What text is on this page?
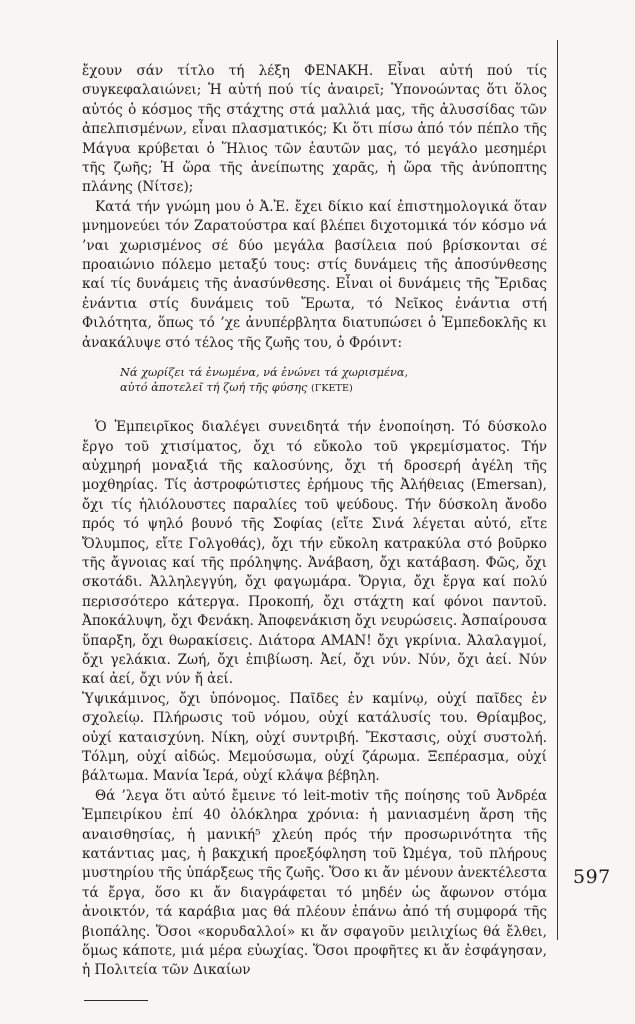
ἔχουν σάν τίτλο τή λέξη ΦΕΝΑΚΗ. Εἶναι αὐτή πού τίς συγκεφαλαιώνει; Ἡ αὐτή πού τίς ἀναιρεῖ; Ὑπονοώντας ὅτι ὅλος αὐτός ὁ κόσμος τῆς στάχτης στά μαλλιά μας, τῆς ἀλυσσίδας τῶν ἀπελπισμένων, εἶναι πλασματικός; Κι ὅτι πίσω ἀπό τόν πέπλο τῆς Μάγυα κρύβεται ὁ Ἥλιος τῶν ἑαυτῶν μας, τό μεγάλο μεσημέρι τῆς ζωῆς; Ἡ ὥρα τῆς ἀνείπωτης χαρᾶς, ἡ ὥρα τῆς ἀνύποπτης πλάνης (Νίτσε);

Κατά τήν γνώμη μου ὁ Ἀ.Ἐ. ἔχει δίκιο καί ἐπιστημολογικά ὅταν μνημονεύει τόν Ζαρατούστρα καί βλέπει διχοτομικά τόν κόσμο νά ’ναι χωρισμένος σέ δύο μεγάλα βασίλεια πού βρίσκονται σέ προαιώνιο πόλεμο μεταξύ τους: στίς δυνάμεις τῆς ἀποσύνθεσης καί τίς δυνάμεις τῆς ἀνασύνθεσης. Εἶναι οἱ δυνάμεις τῆς Ἔριδας ἐνάντια στίς δυνάμεις τοῦ Ἔρωτα, τό Νεῖκος ἐνάντια στή Φιλότητα, ὅπως τό ’χε ἀνυπέρβλητα διατυπώσει ὁ Ἐμπεδοκλῆς κι ἀνακάλυψε στό τέλος τῆς ζωῆς του, ὁ Φρόιντ:

Νά χωρίζει τά ἑνωμένα, νά ἑνώνει τά χωρισμένα,
αὐτό ἀποτελεῖ τή ζωή τῆς φύσης (ΓΚΕΤΕ)

Ὁ Ἐμπειρῖκος διαλέγει συνειδητά τήν ἑνοποίηση. Τό δύσκολο ἔργο τοῦ χτισίματος, ὄχι τό εὔκολο τοῦ γκρεμίσματος. Τήν αὐχμηρή μοναξιά τῆς καλοσύνης, ὄχι τή δροσερή ἀγέλη τῆς μοχθηρίας. Τίς ἀστροφώτιστες ἐρήμους τῆς Ἀλήθειας (Emersan), ὄχι τίς ἡλιόλουστες παραλίες τοῦ ψεύδους. Τήν δύσκολη ἄνοδο πρός τό ψηλό βουνό τῆς Σοφίας (εἴτε Σινά λέγεται αὐτό, εἴτε Ὄλυμπος, εἴτε Γολγοθάς), ὄχι τήν εὔκολη κατρακύλα στό βοῦρκο τῆς ἄγνοιας καί τῆς πρόληψης. Ἀνάβαση, ὄχι κατάβαση. Φῶς, ὄχι σκοτάδι. Ἀλληλεγγύη, ὄχι φαγωμάρα. Ὄργια, ὄχι ἔργα καί πολύ περισσότερο κάτεργα. Προκοπή, ὄχι στάχτη καί φόνοι παντοῦ. Ἀποκάλυψη, ὄχι Φενάκη. Ἀποφενάκιση ὄχι νευρώσεις. Ἀσπαίρουσα ὕπαρξη, ὄχι θωρακίσεις. Διάτορα ΑΜΑΝ! ὄχι γκρίνια. Ἀλαλαγμοί, ὄχι γελάκια. Ζωή, ὄχι ἐπιβίωση. Ἀεί, ὄχι νύν. Νύν, ὄχι ἀεί. Νύν καί ἀεί, ὄχι νύν ἤ ἀεί.

Ὑψικάμινος, ὄχι ὑπόνομος. Παῖδες ἐν καμίνῳ, οὐχί παῖδες ἐν σχολείῳ. Πλήρωσις τοῦ νόμου, οὐχί κατάλυσίς του. Θρίαμβος, οὐχί καταισχύνη. Νίκη, οὐχί συντριβή. Ἔκστασις, οὐχί συστολή. Τόλμη, οὐχί αἰδώς. Μεμούσωμα, οὐχί ζάρωμα. Ξεπέρασμα, οὐχί βάλτωμα. Μανία Ἱερά, οὐχί κλάψα βέβηλη.

Θά ’λεγα ὅτι αὐτό ἔμεινε τό leit-motiv τῆς ποίησης τοῦ Ἀνδρέα Ἐμπειρίκου ἐπί 40 ὁλόκληρα χρόνια: ἡ μανιασμένη ἄρση τῆς αναισθησίας, ἡ μανική⁵ χλεύη πρός τήν προσωρινότητα τῆς κατάντιας μας, ἡ βακχική προεξόφληση τοῦ Ὠμέγα, τοῦ πλήρους μυστηρίου τῆς ὑπάρξεως τῆς ζωῆς. Ὅσο κι ἄν μένουν ἀνεκτέλεστα τά ἔργα, ὅσο κι ἄν διαγράφεται τό μηδέν ὡς ἄφωνον στόμα ἀνοικτόν, τά καράβια μας θά πλέουν ἐπάνω ἀπό τή συμφορά τῆς βιοπάλης. Ὅσοι «κορυδαλλοί» κι ἄν σφαγοῦν μειλιχίως θά ἔλθει, ὅμως κάποτε, μιά μέρα εὐωχίας. Ὅσοι προφῆτες κι ἄν ἐσφάγησαν, ἡ Πολιτεία τῶν Δικαίων

597
